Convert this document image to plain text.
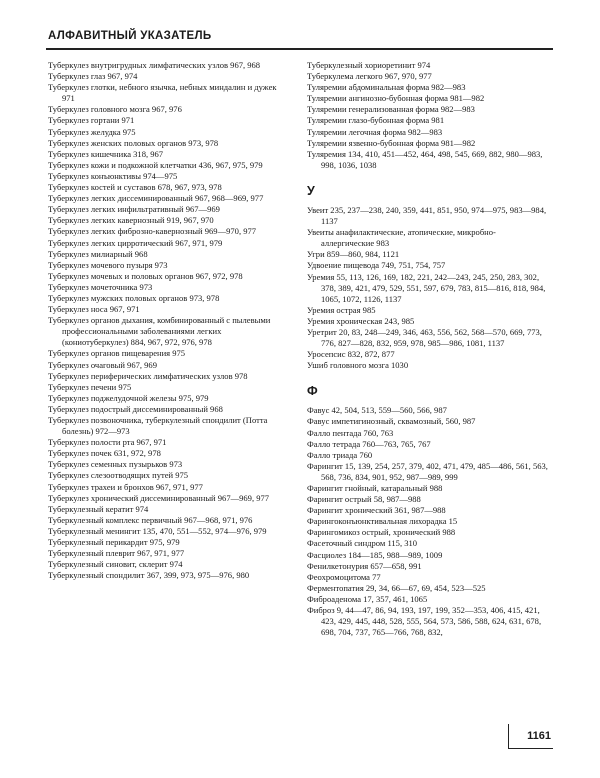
АЛФАВИТНЫЙ УКАЗАТЕЛЬ
Туберкулез внутригрудных лимфатических узлов 967, 968
Туберкулез глаз 967, 974
Туберкулез глотки, небного язычка, небных миндалин и дужек 971
Туберкулез головного мозга 967, 976
Туберкулез гортани 971
Туберкулез желудка 975
Туберкулез женских половых органов 973, 978
Туберкулез кишечника 318, 967
Туберкулез кожи и подкожной клетчатки 436, 967, 975, 979
Туберкулез конъюнктивы 974—975
Туберкулез костей и суставов 678, 967, 973, 978
Туберкулез легких диссеминированный 967, 968—969, 977
Туберкулез легких инфильтративный 967—969
Туберкулез легких кавернозный 919, 967, 970
Туберкулез легких фиброзно-кавернозный 969—970, 977
Туберкулез легких цирротический 967, 971, 979
Туберкулез милиарный 968
Туберкулез мочевого пузыря 973
Туберкулез мочевых и половых органов 967, 972, 978
Туберкулез мочеточника 973
Туберкулез мужских половых органов 973, 978
Туберкулез носа 967, 971
Туберкулез органов дыхания, комбинированный с пылевыми профессиональными заболеваниями легких (кониотуберкулез) 884, 967, 972, 976, 978
Туберкулез органов пищеварения 975
Туберкулез очаговый 967, 969
Туберкулез периферических лимфатических узлов 978
Туберкулез печени 975
Туберкулез поджелудочной железы 975, 979
Туберкулез подострый диссеминированный 968
Туберкулез позвоночника, туберкулезный спондилит (Потта болезнь) 972—973
Туберкулез полости рта 967, 971
Туберкулез почек 631, 972, 978
Туберкулез семенных пузырьков 973
Туберкулез слезоотводящих путей 975
Туберкулез трахеи и бронхов 967, 971, 977
Туберкулез хронический диссеминированный 967—969, 977
Туберкулезный кератит 974
Туберкулезный комплекс первичный 967—968, 971, 976
Туберкулезный менингит 135, 470, 551—552, 974—976, 979
Туберкулезный перикардит 975, 979
Туберкулезный плеврит 967, 971, 977
Туберкулезный синовит, склерит 974
Туберкулезный спондилит 367, 399, 973, 975—976, 980
Туберкулезный хориоретинит 974
Туберкулема легкого 967, 970, 977
Туляремии абдоминальная форма 982—983
Туляремии ангинозно-бубонная форма 981—982
Туляремии генерализованная форма 982—983
Туляремии глазо-бубонная форма 981
Туляремии легочная форма 982—983
Туляремии язвенно-бубонная форма 981—982
Туляремия 134, 410, 451—452, 464, 498, 545, 669, 882, 980—983, 998, 1036, 1038
У
Увеит 235, 237—238, 240, 359, 441, 851, 950, 974—975, 983—984, 1137
Увеиты анафилактические, атопические, микробно-аллергические 983
Угри 859—860, 984, 1121
Удвоение пищевода 749, 751, 754, 757
Уремия 55, 113, 126, 169, 182, 221, 242—243, 245, 250, 283, 302, 378, 389, 421, 479, 529, 551, 597, 679, 783, 815—816, 818, 984, 1065, 1072, 1126, 1137
Уремия острая 985
Уремия хроническая 243, 985
Уретрит 20, 83, 248—249, 346, 463, 556, 562, 568—570, 669, 773, 776, 827—828, 832, 959, 978, 985—986, 1081, 1137
Уросепсис 832, 872, 877
Ушиб головного мозга 1030
Ф
Фавус 42, 504, 513, 559—560, 566, 987
Фавус импетигинозный, сквамозный, 560, 987
Фалло пентада 760, 763
Фалло тетрада 760—763, 765, 767
Фалло триада 760
Фарингит 15, 139, 254, 257, 379, 402, 471, 479, 485—486, 561, 563, 568, 736, 834, 901, 952, 987—989, 999
Фарингит гнойный, катаральный 988
Фарингит острый 58, 987—988
Фарингит хронический 361, 987—988
Фарингоконъюнктивальная лихорадка 15
Фарингомикоз острый, хронический 988
Фасеточный синдром 115, 310
Фасциолез 184—185, 988—989, 1009
Фенилкетонурия 657—658, 991
Феохромоцитома 77
Ферментопатия 29, 34, 66—67, 69, 454, 523—525
Фиброаденома 17, 357, 461, 1065
Фиброз 9, 44—47, 86, 94, 193, 197, 199, 352—353, 406, 415, 421, 423, 429, 445, 448, 528, 555, 564, 573, 586, 588, 624, 631, 678, 698, 704, 737, 765—766, 768, 832,
1161
